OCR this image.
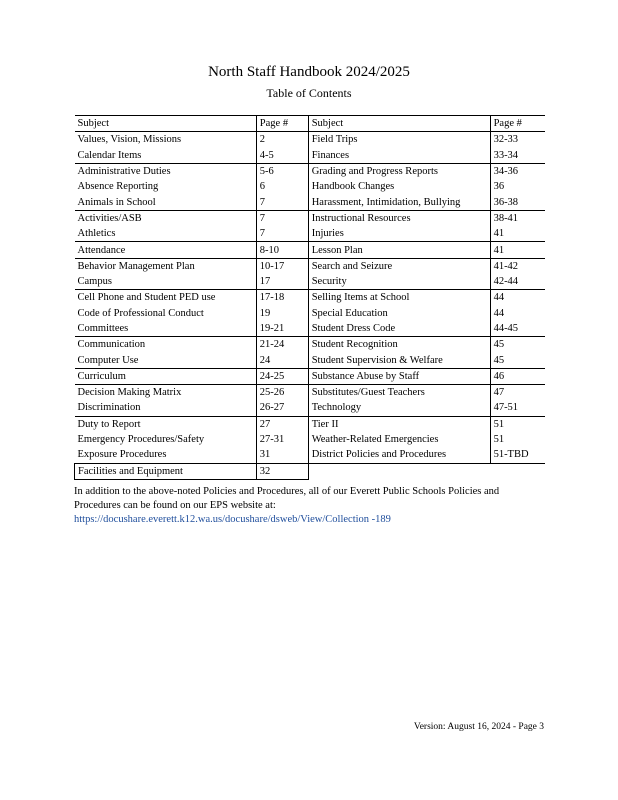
North Staff Handbook 2024/2025
Table of Contents
Subject	Page #	Subject	Page #
Values, Vision, Missions	2	Field Trips	32-33
Calendar Items	4-5	Finances	33-34
Administrative Duties	5-6	Grading and Progress Reports	34-36
Absence Reporting	6	Handbook Changes	36
Animals in School	7	Harassment, Intimidation, Bullying	36-38
Activities/ASB	7	Instructional Resources	38-41
Athletics	7	Injuries	41
Attendance	8-10	Lesson Plan	41
Behavior Management Plan	10-17	Search and Seizure	41-42
Campus	17	Security	42-44
Cell Phone and Student PED use	17-18	Selling Items at School	44
Code of Professional Conduct	19	Special Education	44
Committees	19-21	Student Dress Code	44-45
Communication	21-24	Student Recognition	45
Computer Use	24	Student Supervision & Welfare	45
Curriculum	24-25	Substance Abuse by Staff	46
Decision Making Matrix	25-26	Substitutes/Guest Teachers	47
Discrimination	26-27	Technology	47-51
Duty to Report	27	Tier II	51
Emergency Procedures/Safety	27-31	Weather-Related Emergencies	51
Exposure Procedures	31	District Policies and Procedures	51-TBD
Facilities and Equipment	32		
In addition to the above-noted Policies and Procedures, all of our Everett Public Schools Policies and Procedures can be found on our EPS website at:
https://docushare.everett.k12.wa.us/docushare/dsweb/View/Collection -189
Version: August 16, 2024 - Page 3
